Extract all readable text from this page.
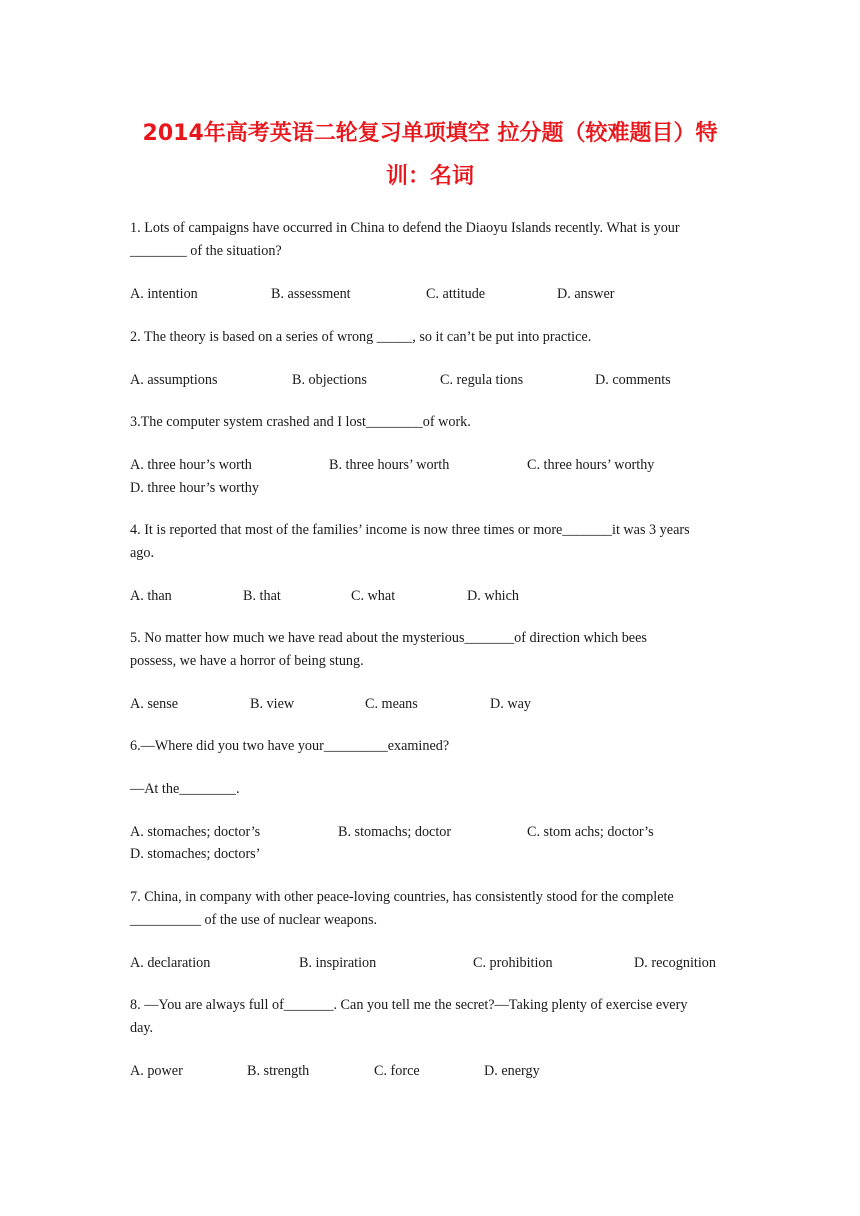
2014年高考英语二轮复习单项填空 拉分题（较难题目）特
训：名词
1. Lots of campaigns have occurred in China to defend the Diaoyu Islands recently. What is your
________ of the situation?
A. intention	B. assessment	C. attitude	D. answer
2. The theory is based on a series of wrong _____, so it can’t be put into practice.
A. assumptions	B. objections	C. regula tions	D. comments
3.The computer system crashed and I lost________of work.
A. three hour’s worth	B. three hours’ worth	C. three hours’ worthy
D. three hour’s worthy
4. It is reported that most of the families’ income is now three times or more_______it was 3 years
ago.
A. than	B. that	C. what	D. which
5. No matter how much we have read about the mysterious_______of direction which bees
possess, we have a horror of being stung.
A. sense	B. view	C. means	D. way
6.—Where did you two have your_________examined?
—At the________.
A. stomaches; doctor’s	B. stomachs; doctor	C. stom achs; doctor’s
D. stomaches; doctors’
7. China, in company with other peace-loving countries, has consistently stood for the complete
__________ of the use of nuclear weapons.
A. declaration	B. inspiration	C. prohibition	D. recognition
8. —You are always full of_______. Can you tell me the secret?—Taking plenty of exercise every
day.
A. power	B. strength	C. force	D. energy
